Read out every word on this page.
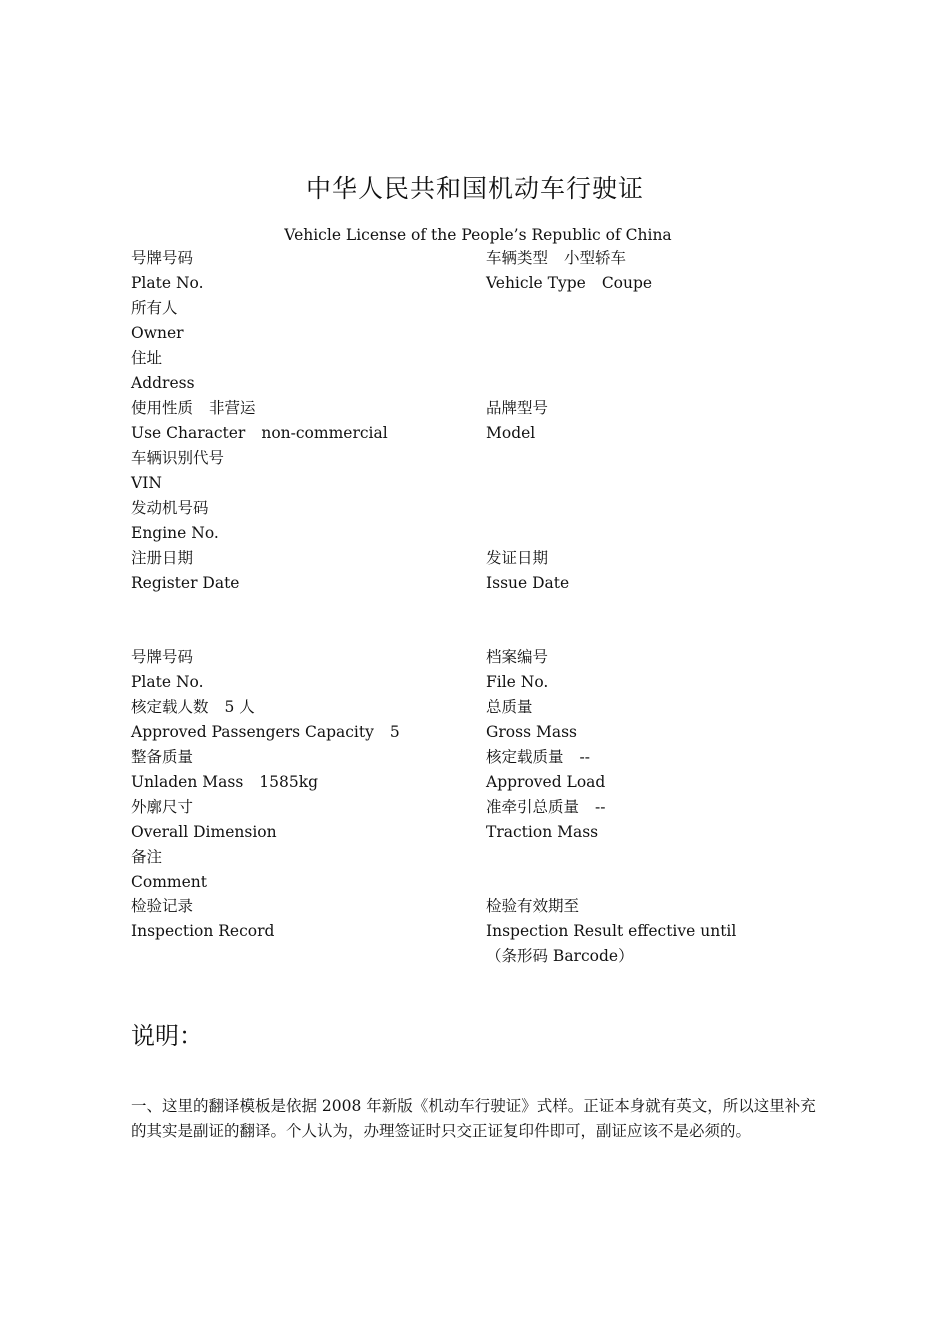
中华人民共和国机动车行驶证
Vehicle License of the People’s Republic of China
号牌号码	车辆类型 小型轿车
Plate No.	Vehicle Type Coupe
所有人
Owner
住址
Address
使用性质 非营运	品牌型号
Use Character non-commercial	Model
车辆识别代号
VIN
发动机号码
Engine No.
注册日期	发证日期
Register Date	Issue Date
号牌号码	档案编号
Plate No.	File No.
核定载人数 5 人	总质量
Approved Passengers Capacity 5	Gross Mass
整备质量	核定载质量 --
Unladen Mass 1585kg	Approved Load
外廓尺寸	准牵引总质量 --
Overall Dimension	Traction Mass
备注
Comment
检验记录	检验有效期至
Inspection Record	Inspection Result effective until
（条形码 Barcode）
说明：
一、这里的翻译模板是依据 2008 年新版《机动车行驶证》式样。正证本身就有英文，所以这里补充的其实是副证的翻译。个人认为，办理签证时只交正证复印件即可，副证应该不是必须的。
